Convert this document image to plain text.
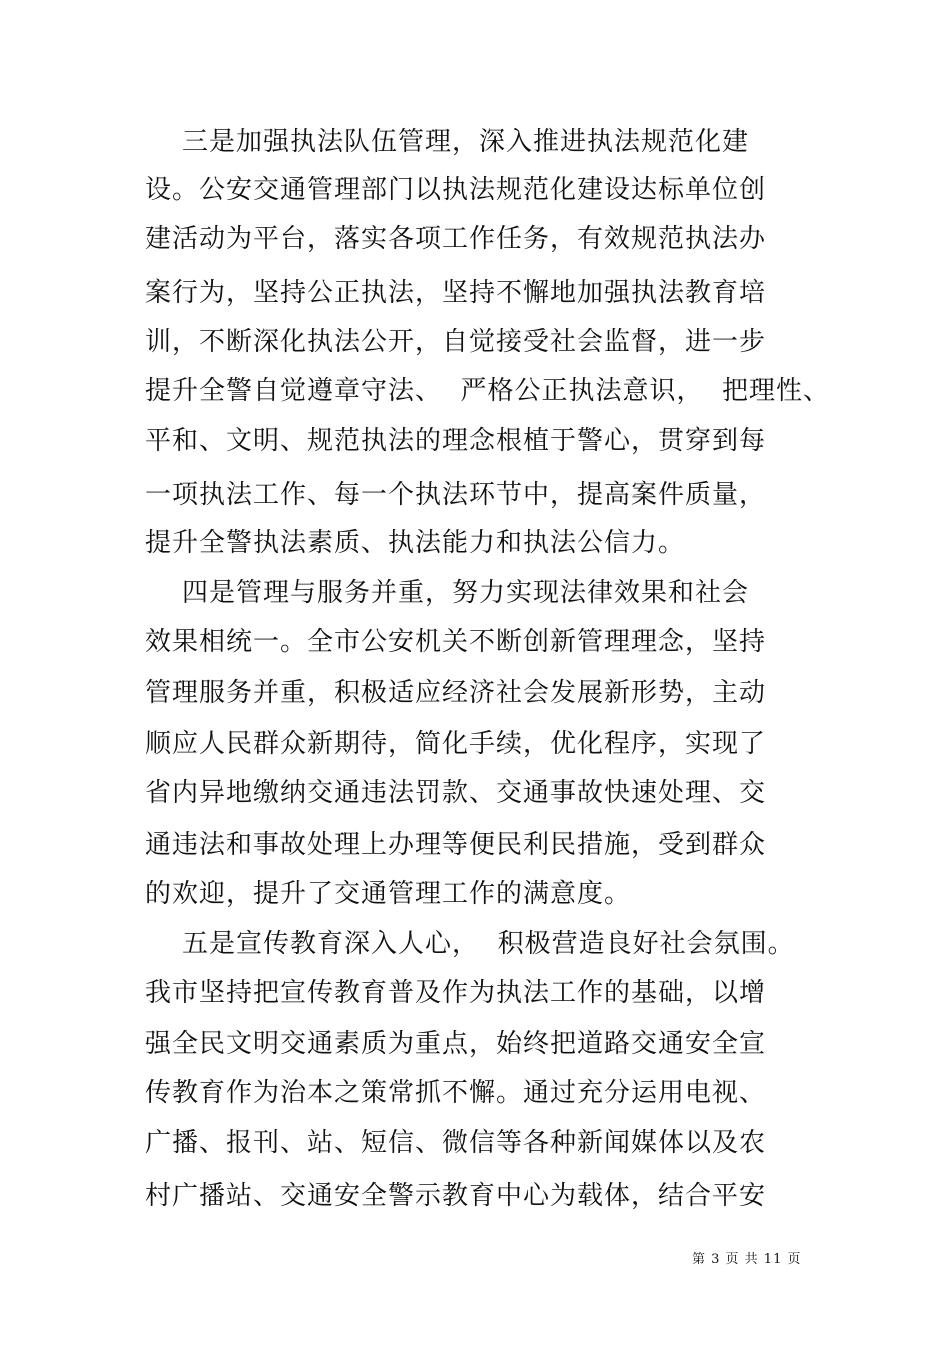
三是加强执法队伍管理，深入推进执法规范化建
设。公安交通管理部门以执法规范化建设达标单位创
建活动为平台，落实各项工作任务，有效规范执法办
案行为，坚持公正执法，坚持不懈地加强执法教育培
训，不断深化执法公开，自觉接受社会监督，进一步
提升全警自觉遵章守法、  严格公正执法意识，  把理性、
平和、文明、规范执法的理念根植于警心，贯穿到每
一项执法工作、每一个执法环节中，提高案件质量，
提升全警执法素质、执法能力和执法公信力。
四是管理与服务并重，努力实现法律效果和社会
效果相统一。全市公安机关不断创新管理理念，坚持
管理服务并重，积极适应经济社会发展新形势，主动
顺应人民群众新期待，简化手续，优化程序，实现了
省内异地缴纳交通违法罚款、交通事故快速处理、交
通违法和事故处理上办理等便民利民措施，受到群众
的欢迎，提升了交通管理工作的满意度。
五是宣传教育深入人心，  积极营造良好社会氛围。
我市坚持把宣传教育普及作为执法工作的基础，以增
强全民文明交通素质为重点，始终把道路交通安全宣
传教育作为治本之策常抓不懈。通过充分运用电视、
广播、报刊、站、短信、微信等各种新闻媒体以及农
村广播站、交通安全警示教育中心为载体，结合平安
第 3 页 共 11 页
